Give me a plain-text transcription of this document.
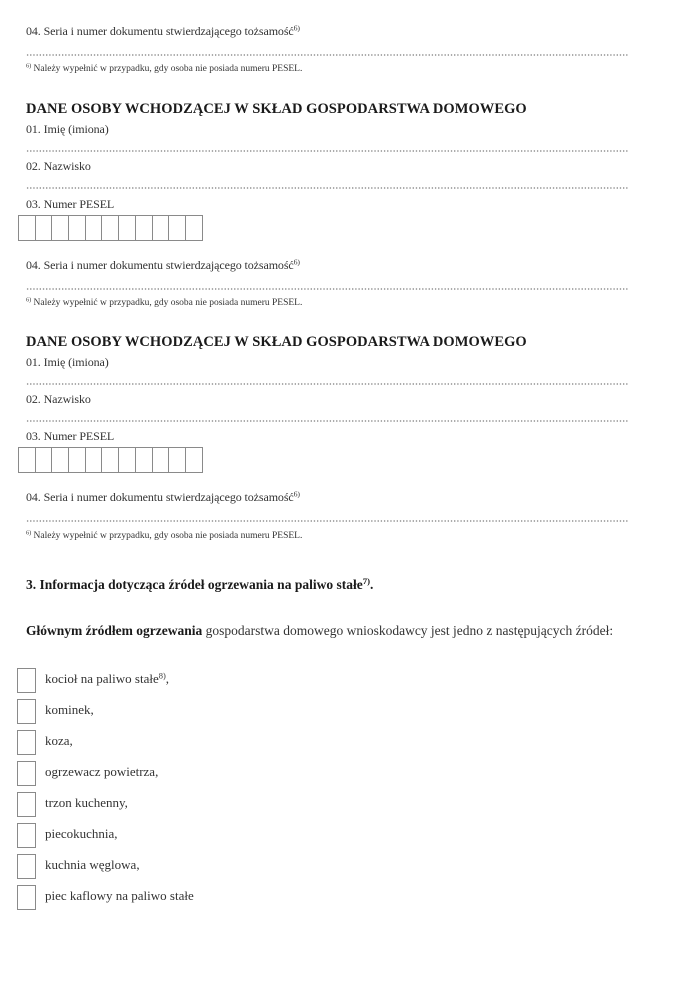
04. Seria i numer dokumentu stwierdzającego tożsamość$^{6)}$
$^{6)}$ Należy wypełnić w przypadku, gdy osoba nie posiada numeru PESEL.
DANE OSOBY WCHODZĄCEJ W SKŁAD GOSPODARSTWA DOMOWEGO
01. Imię (imiona)
02. Nazwisko
03. Numer PESEL
04. Seria i numer dokumentu stwierdzającego tożsamość$^{6)}$
$^{6)}$ Należy wypełnić w przypadku, gdy osoba nie posiada numeru PESEL.
DANE OSOBY WCHODZĄCEJ W SKŁAD GOSPODARSTWA DOMOWEGO
01. Imię (imiona)
02. Nazwisko
03. Numer PESEL
04. Seria i numer dokumentu stwierdzającego tożsamość$^{6)}$
$^{6)}$ Należy wypełnić w przypadku, gdy osoba nie posiada numeru PESEL.
3. Informacja dotycząca źródeł ogrzewania na paliwo stałe$^{7)}$.
Głównym źródłem ogrzewania gospodarstwa domowego wnioskodawcy jest jedno z następujących źródeł:
kocioł na paliwo stałe$^{8)}$,
kominek,
koza,
ogrzewacz powietrza,
trzon kuchenny,
piecokuchnia,
kuchnia węglowa,
piec kaflowy na paliwo stałe
